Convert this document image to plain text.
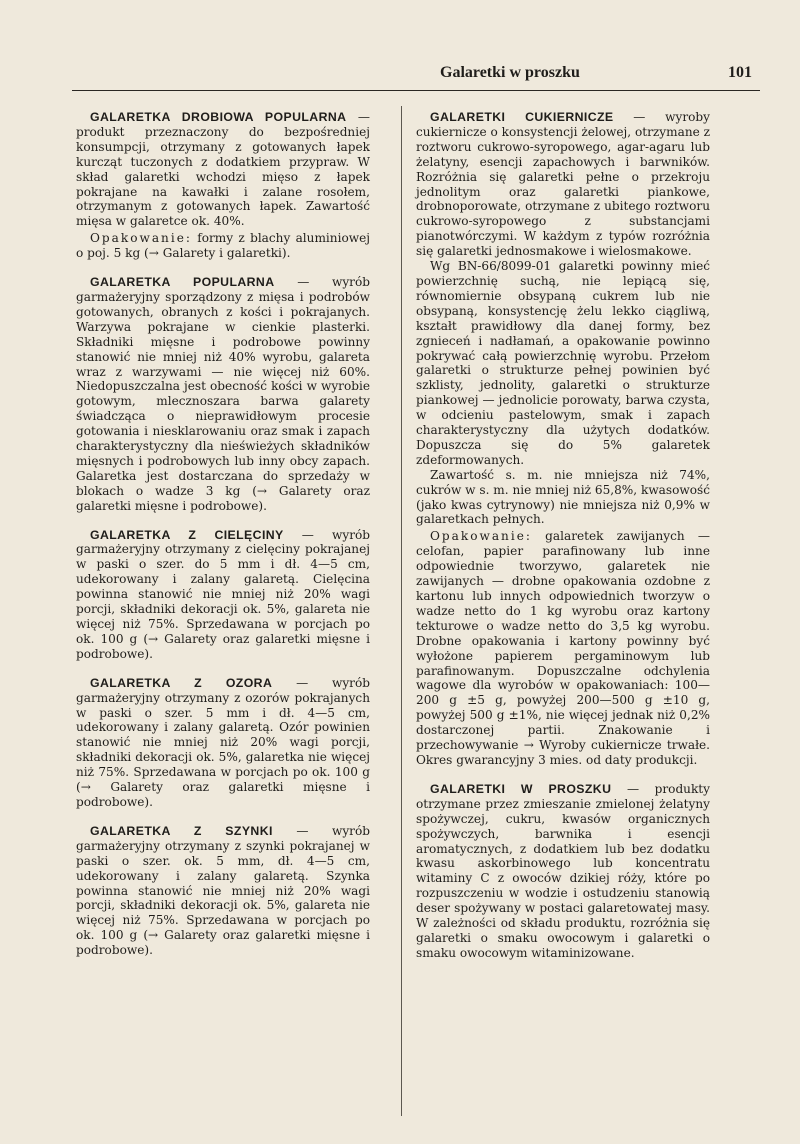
Galaretki w proszku	101

GALARETKA DROBIOWA POPULARNA — produkt przeznaczony do bezpośredniej konsumpcji, otrzymany z gotowanych łapek kurcząt tuczonych z dodatkiem przypraw. W skład galaretki wchodzi mięso z łapek pokrajane na kawałki i zalane rosołem, otrzymanym z gotowanych łapek. Zawartość mięsa w galaretce ok. 40%.

Opakowanie: formy z blachy aluminiowej o poj. 5 kg (→ Galarety i galaretki).

GALARETKA POPULARNA — wyrób garmażeryjny sporządzony z mięsa i podrobów gotowanych, obranych z kości i pokrajanych. Warzywa pokrajane w cienkie plasterki. Składniki mięsne i podrobowe powinny stanowić nie mniej niż 40% wyrobu, galareta wraz z warzywami — nie więcej niż 60%. Niedopuszczalna jest obecność kości w wyrobie gotowym, mlecznoszara barwa galarety świadcząca o nieprawidłowym procesie gotowania i niesklarowaniu oraz smak i zapach charakterystyczny dla nieświeżych składników mięsnych i podrobowych lub inny obcy zapach. Galaretka jest dostarczana do sprzedaży w blokach o wadze 3 kg (→ Galarety oraz galaretki mięsne i podrobowe).

GALARETKA Z CIELĘCINY — wyrób garmażeryjny otrzymany z cielęciny pokrajanej w paski o szer. do 5 mm i dł. 4—5 cm, udekorowany i zalany galaretą. Cielęcina powinna stanowić nie mniej niż 20% wagi porcji, składniki dekoracji ok. 5%, galareta nie więcej niż 75%. Sprzedawana w porcjach po ok. 100 g (→ Galarety oraz galaretki mięsne i podrobowe).

GALARETKA Z OZORA — wyrób garmażeryjny otrzymany z ozorów pokrajanych w paski o szer. 5 mm i dł. 4—5 cm, udekorowany i zalany galaretą. Ozór powinien stanowić nie mniej niż 20% wagi porcji, składniki dekoracji ok. 5%, galaretka nie więcej niż 75%. Sprzedawana w porcjach po ok. 100 g (→ Galarety oraz galaretki mięsne i podrobowe).

GALARETKA Z SZYNKI — wyrób garmażeryjny otrzymany z szynki pokrajanej w paski o szer. ok. 5 mm, dł. 4—5 cm, udekorowany i zalany galaretą. Szynka powinna stanowić nie mniej niż 20% wagi porcji, składniki dekoracji ok. 5%, galareta nie więcej niż 75%. Sprzedawana w porcjach po ok. 100 g (→ Galarety oraz galaretki mięsne i podrobowe).

GALARETKI CUKIERNICZE — wyroby cukiernicze o konsystencji żelowej, otrzymane z roztworu cukrowo-syropowego, agar-agaru lub żelatyny, esencji zapachowych i barwników. Rozróżnia się galaretki pełne o przekroju jednolitym oraz galaretki piankowe, drobnoporowate, otrzymane z ubitego roztworu cukrowo-syropowego z substancjami pianotwórczymi. W każdym z typów rozróżnia się galaretki jednosmakowe i wielosmakowe.

Wg BN-66/8099-01 galaretki powinny mieć powierzchnię suchą, nie lepiącą się, równomiernie obsypaną cukrem lub nie obsypaną, konsystencję żelu lekko ciągliwą, kształt prawidłowy dla danej formy, bez zgnieceń i nadłamań, a opakowanie powinno pokrywać całą powierzchnię wyrobu. Przełom galaretki o strukturze pełnej powinien być szklisty, jednolity, galaretki o strukturze piankowej — jednolicie porowaty, barwa czysta, w odcieniu pastelowym, smak i zapach charakterystyczny dla użytych dodatków. Dopuszcza się do 5% galaretek zdeformowanych.

Zawartość s. m. nie mniejsza niż 74%, cukrów w s. m. nie mniej niż 65,8%, kwasowość (jako kwas cytrynowy) nie mniejsza niż 0,9% w galaretkach pełnych.

Opakowanie: galaretek zawijanych — celofan, papier parafinowany lub inne odpowiednie tworzywo, galaretek nie zawijanych — drobne opakowania ozdobne z kartonu lub innych odpowiednich tworzyw o wadze netto do 1 kg wyrobu oraz kartony tekturowe o wadze netto do 3,5 kg wyrobu. Drobne opakowania i kartony powinny być wyłożone papierem pergaminowym lub parafinowanym. Dopuszczalne odchylenia wagowe dla wyrobów w opakowaniach: 100—200 g ±5 g, powyżej 200—500 g ±10 g, powyżej 500 g ±1%, nie więcej jednak niż 0,2% dostarczonej partii. Znakowanie i przechowywanie → Wyroby cukiernicze trwałe. Okres gwarancyjny 3 mies. od daty produkcji.

GALARETKI W PROSZKU — produkty otrzymane przez zmieszanie zmielonej żelatyny spożywczej, cukru, kwasów organicznych spożywczych, barwnika i esencji aromatycznych, z dodatkiem lub bez dodatku kwasu askorbinowego lub koncentratu witaminy C z owoców dzikiej róży, które po rozpuszczeniu w wodzie i ostudzeniu stanowią deser spożywany w postaci galaretowatej masy. W zależności od składu produktu, rozróżnia się galaretki o smaku owocowym i galaretki o smaku owocowym witaminizowane.
